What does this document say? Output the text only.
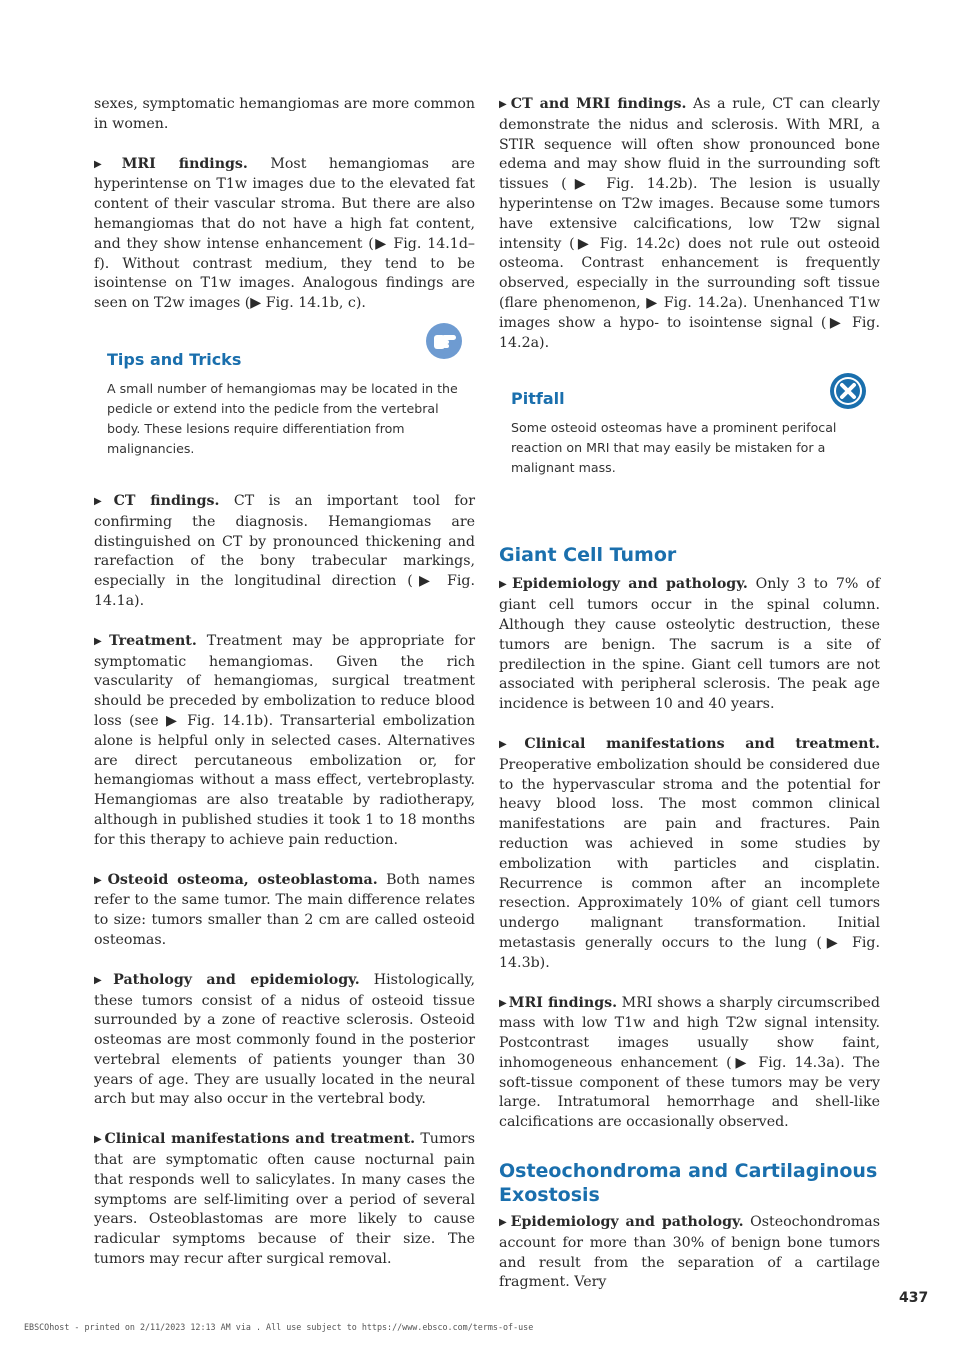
sexes, symptomatic hemangiomas are more common in women.

▶ MRI findings. Most hemangiomas are hyperintense on T1w images due to the elevated fat content of their vascular stroma. But there are also hemangiomas that do not have a high fat content, and they show intense enhancement (▶ Fig. 14.1d–f). Without contrast medium, they tend to be isointense on T1w images. Analogous findings are seen on T2w images (▶ Fig. 14.1b, c).

Tips and Tricks

A small number of hemangiomas may be located in the pedicle or extend into the pedicle from the vertebral body. These lesions require differentiation from malignancies.

▶ CT findings. CT is an important tool for confirming the diagnosis. Hemangiomas are distinguished on CT by pronounced thickening and rarefaction of the bony trabecular markings, especially in the longitudinal direction (▶ Fig. 14.1a).

▶ Treatment. Treatment may be appropriate for symptomatic hemangiomas. Given the rich vascularity of hemangiomas, surgical treatment should be preceded by embolization to reduce blood loss (see ▶ Fig. 14.1b). Transarterial embolization alone is helpful only in selected cases. Alternatives are direct percutaneous embolization or, for hemangiomas without a mass effect, vertebroplasty. Hemangiomas are also treatable by radiotherapy, although in published studies it took 1 to 18 months for this therapy to achieve pain reduction.

▶ Osteoid osteoma, osteoblastoma. Both names refer to the same tumor. The main difference relates to size: tumors smaller than 2 cm are called osteoid osteomas.

▶ Pathology and epidemiology. Histologically, these tumors consist of a nidus of osteoid tissue surrounded by a zone of reactive sclerosis. Osteoid osteomas are most commonly found in the posterior vertebral elements of patients younger than 30 years of age. They are usually located in the neural arch but may also occur in the vertebral body.

▶ Clinical manifestations and treatment. Tumors that are symptomatic often cause nocturnal pain that responds well to salicylates. In many cases the symptoms are self-limiting over a period of several years. Osteoblastomas are more likely to cause radicular symptoms because of their size. The tumors may recur after surgical removal.

▶ CT and MRI findings. As a rule, CT can clearly demonstrate the nidus and sclerosis. With MRI, a STIR sequence will often show pronounced bone edema and may show fluid in the surrounding soft tissues (▶ Fig. 14.2b). The lesion is usually hyperintense on T2w images. Because some tumors have extensive calcifications, low T2w signal intensity (▶ Fig. 14.2c) does not rule out osteoid osteoma. Contrast enhancement is frequently observed, especially in the surrounding soft tissue (flare phenomenon, ▶ Fig. 14.2a). Unenhanced T1w images show a hypo- to isointense signal (▶ Fig. 14.2a).

Pitfall

Some osteoid osteomas have a prominent perifocal reaction on MRI that may easily be mistaken for a malignant mass.

Giant Cell Tumor

▶ Epidemiology and pathology. Only 3 to 7% of giant cell tumors occur in the spinal column. Although they cause osteolytic destruction, these tumors are benign. The sacrum is a site of predilection in the spine. Giant cell tumors are not associated with peripheral sclerosis. The peak age incidence is between 10 and 40 years.

▶ Clinical manifestations and treatment. Preoperative embolization should be considered due to the hypervascular stroma and the potential for heavy blood loss. The most common clinical manifestations are pain and fractures. Pain reduction was achieved in some studies by embolization with particles and cisplatin. Recurrence is common after an incomplete resection. Approximately 10% of giant cell tumors undergo malignant transformation. Initial metastasis generally occurs to the lung (▶ Fig. 14.3b).

▶ MRI findings. MRI shows a sharply circumscribed mass with low T1w and high T2w signal intensity. Postcontrast images usually show faint, inhomogeneous enhancement (▶ Fig. 14.3a). The soft-tissue component of these tumors may be very large. Intratumoral hemorrhage and shell-like calcifications are occasionally observed.

Osteochondroma and Cartilaginous Exostosis

▶ Epidemiology and pathology. Osteochondromas account for more than 30% of benign bone tumors and result from the separation of a cartilage fragment. Very

437
EBSCOhost - printed on 2/11/2023 12:13 AM via . All use subject to https://www.ebsco.com/terms-of-use
